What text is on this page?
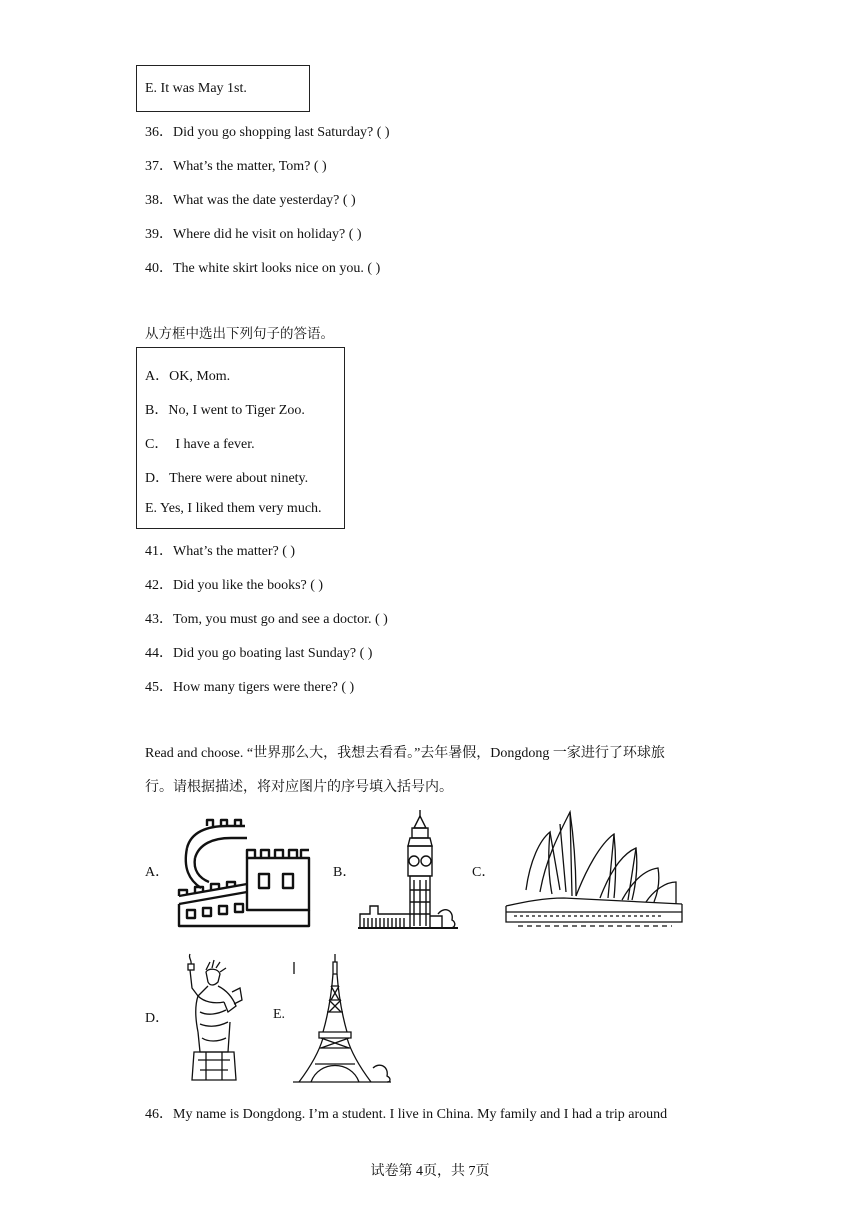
E. It was May 1st.
36．Did you go shopping last Saturday? ( )
37．What’s the matter, Tom? ( )
38．What was the date yesterday? ( )
39．Where did he visit on holiday? ( )
40．The white skirt looks nice on you. ( )
从方框中选出下列句子的答语。
A．OK, Mom.
B．No, I went to Tiger Zoo.
C．  I have a fever.
D．There were about ninety.
E. Yes, I liked them very much.
41．What’s the matter? ( )
42．Did you like the books? ( )
43．Tom, you must go and see a doctor. ( )
44．Did you go boating last Sunday? ( )
45．How many tigers were there? ( )
Read and choose. “世界那么大，我想去看看。”去年暑假，Dongdong 一家进行了环球旅
行。请根据描述，将对应图片的序号填入括号内。
A．	B．	C．
D．	E.
46．My name is Dongdong. I’m a student. I live in China. My family and I had a trip around
试卷第 4页，共 7页
